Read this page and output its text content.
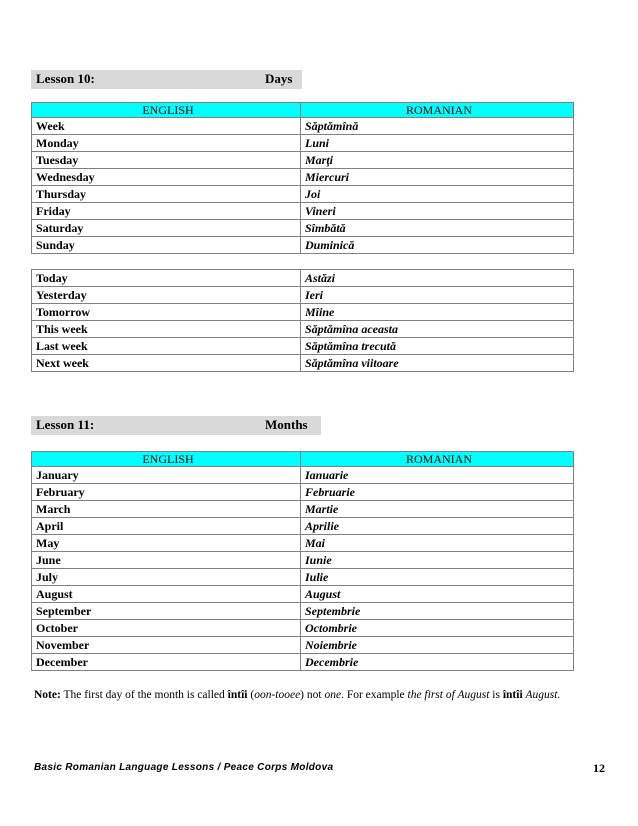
Lesson 10:	Days
ENGLISH	ROMANIAN
Week	Săptămînă
Monday	Luni
Tuesday	Marţi
Wednesday	Miercuri
Thursday	Joi
Friday	Vineri
Saturday	Sîmbătă
Sunday	Duminică
Today	Astăzi
Yesterday	Ieri
Tomorrow	Mîine
This week	Săptămîna aceasta
Last week	Săptămîna trecută
Next week	Săptămîna viitoare
Lesson 11:	Months
ENGLISH	ROMANIAN
January	Ianuarie
February	Februarie
March	Martie
April	Aprilie
May	Mai
June	Iunie
July	Iulie
August	August
September	Septembrie
October	Octombrie
November	Noiembrie
December	Decembrie
Note: The first day of the month is called întîi (oon-tooee) not one. For example the first of August is întîi August.
Basic Romanian Language Lessons / Peace Corps Moldova	12
